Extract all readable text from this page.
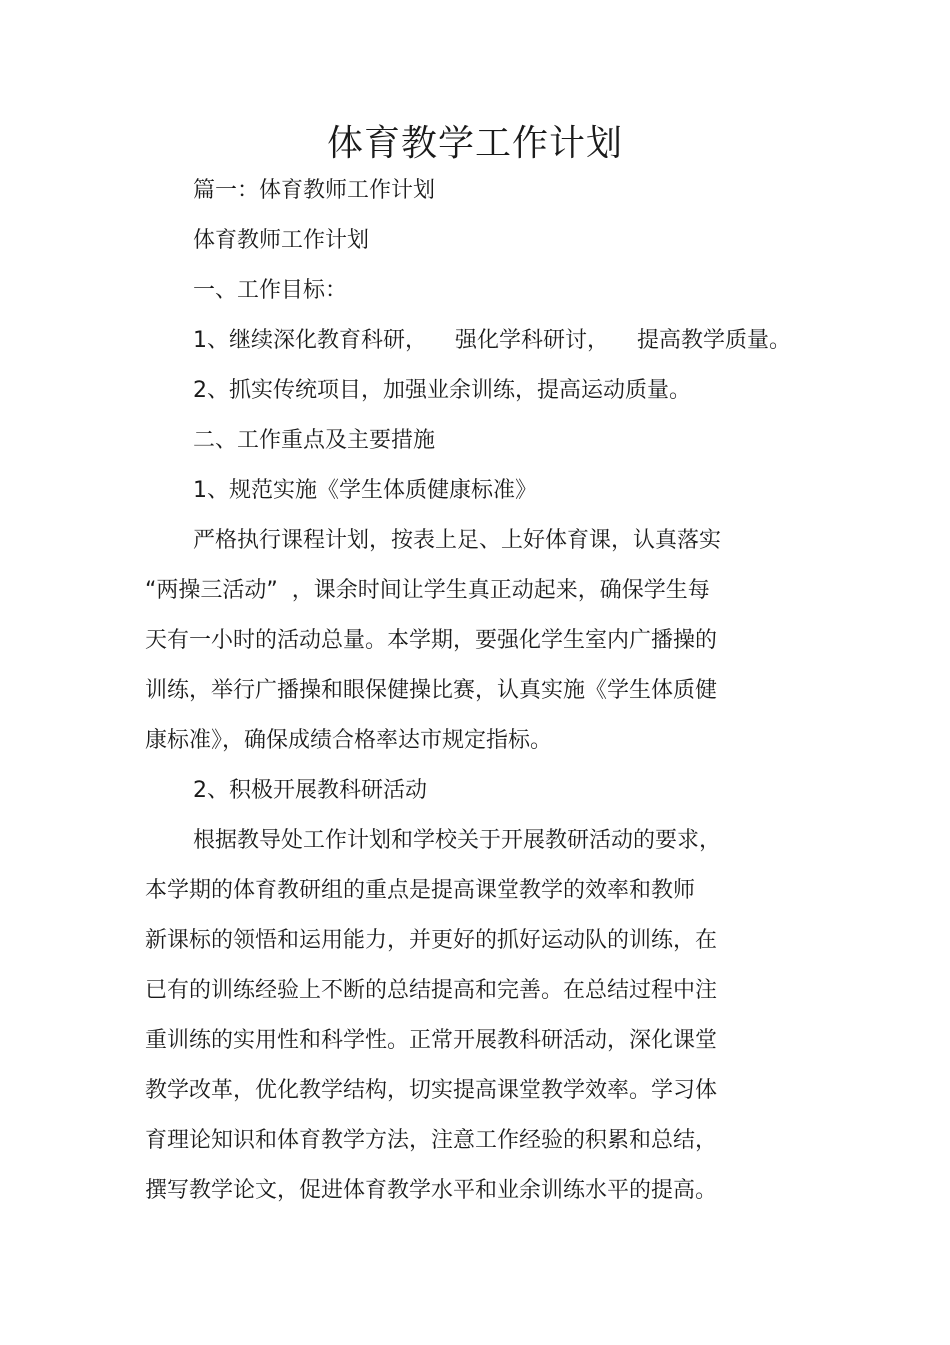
体育教学工作计划

篇一：体育教师工作计划

体育教师工作计划

一、工作目标：

1、继续深化教育科研，    强化学科研讨，    提高教学质量。

2、抓实传统项目，加强业余训练，提高运动质量。

二、工作重点及主要措施

1、规范实施《学生体质健康标准》

严格执行课程计划，按表上足、上好体育课，认真落实

“两操三活动”  ，课余时间让学生真正动起来，确保学生每

天有一小时的活动总量。本学期，要强化学生室内广播操的

训练，举行广播操和眼保健操比赛，认真实施《学生体质健

康标准》，确保成绩合格率达市规定指标。

2、积极开展教科研活动

根据教导处工作计划和学校关于开展教研活动的要求，

本学期的体育教研组的重点是提高课堂教学的效率和教师

新课标的领悟和运用能力，并更好的抓好运动队的训练，在

已有的训练经验上不断的总结提高和完善。在总结过程中注

重训练的实用性和科学性。正常开展教科研活动，深化课堂

教学改革，优化教学结构，切实提高课堂教学效率。学习体

育理论知识和体育教学方法，注意工作经验的积累和总结，

撰写教学论文，促进体育教学水平和业余训练水平的提高。
